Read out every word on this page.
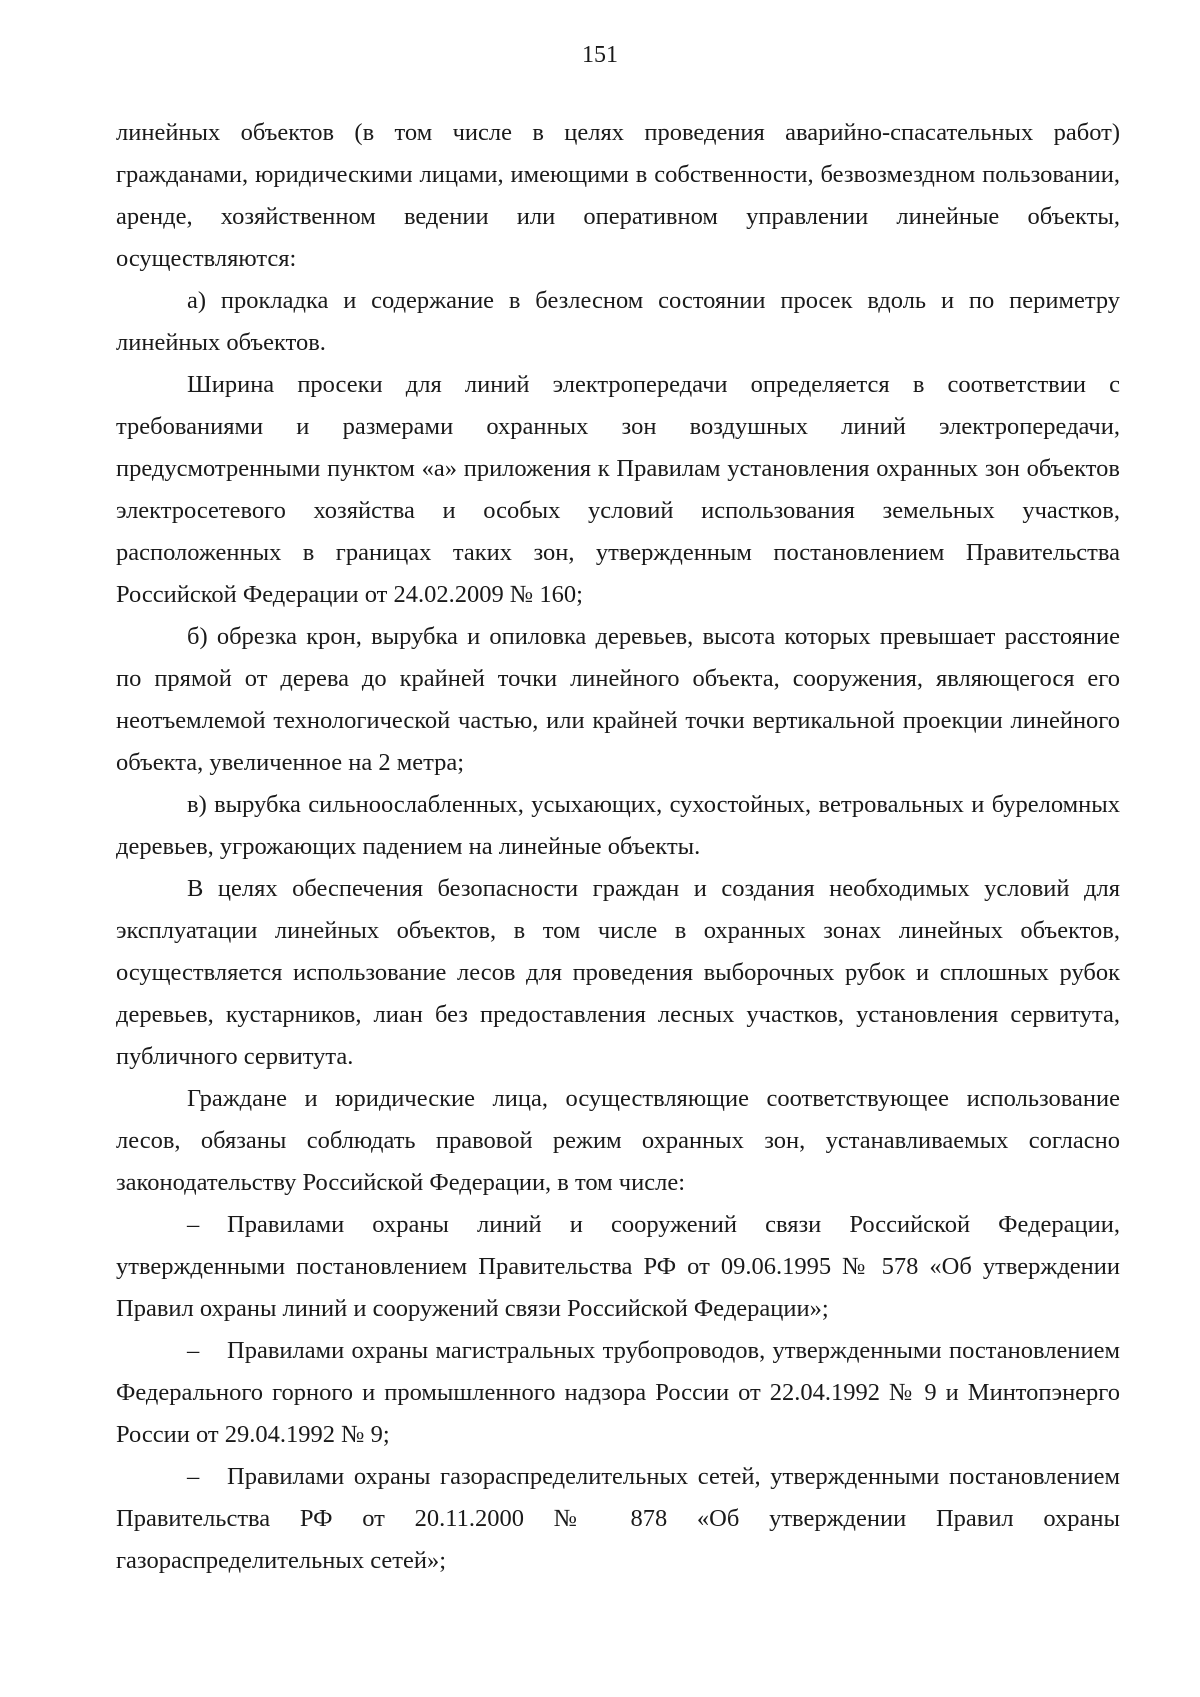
151

линейных объектов (в том числе в целях проведения аварийно-спасательных работ) гражданами, юридическими лицами, имеющими в собственности, безвозмездном пользовании, аренде, хозяйственном ведении или оперативном управлении линейные объекты, осуществляются:

а) прокладка и содержание в безлесном состоянии просек вдоль и по периметру линейных объектов.

Ширина просеки для линий электропередачи определяется в соответствии с требованиями и размерами охранных зон воздушных линий электропередачи, предусмотренными пунктом «а» приложения к Правилам установления охранных зон объектов электросетевого хозяйства и особых условий использования земельных участков, расположенных в границах таких зон, утвержденным постановлением Правительства Российской Федерации от 24.02.2009 № 160;

б) обрезка крон, вырубка и опиловка деревьев, высота которых превышает расстояние по прямой от дерева до крайней точки линейного объекта, сооружения, являющегося его неотъемлемой технологической частью, или крайней точки вертикальной проекции линейного объекта, увеличенное на 2 метра;

в) вырубка сильноослабленных, усыхающих, сухостойных, ветровальных и буреломных деревьев, угрожающих падением на линейные объекты.

В целях обеспечения безопасности граждан и создания необходимых условий для эксплуатации линейных объектов, в том числе в охранных зонах линейных объектов, осуществляется использование лесов для проведения выборочных рубок и сплошных рубок деревьев, кустарников, лиан без предоставления лесных участков, установления сервитута, публичного сервитута.

Граждане и юридические лица, осуществляющие соответствующее использование лесов, обязаны соблюдать правовой режим охранных зон, устанавливаемых согласно законодательству Российской Федерации, в том числе:

– Правилами охраны линий и сооружений связи Российской Федерации, утвержденными постановлением Правительства РФ от 09.06.1995 № 578 «Об утверждении Правил охраны линий и сооружений связи Российской Федерации»;

– Правилами охраны магистральных трубопроводов, утвержденными постановлением Федерального горного и промышленного надзора России от 22.04.1992 № 9 и Минтопэнерго России от 29.04.1992 № 9;

– Правилами охраны газораспределительных сетей, утвержденными постановлением Правительства РФ от 20.11.2000 № 878 «Об утверждении Правил охраны газораспределительных сетей»;
